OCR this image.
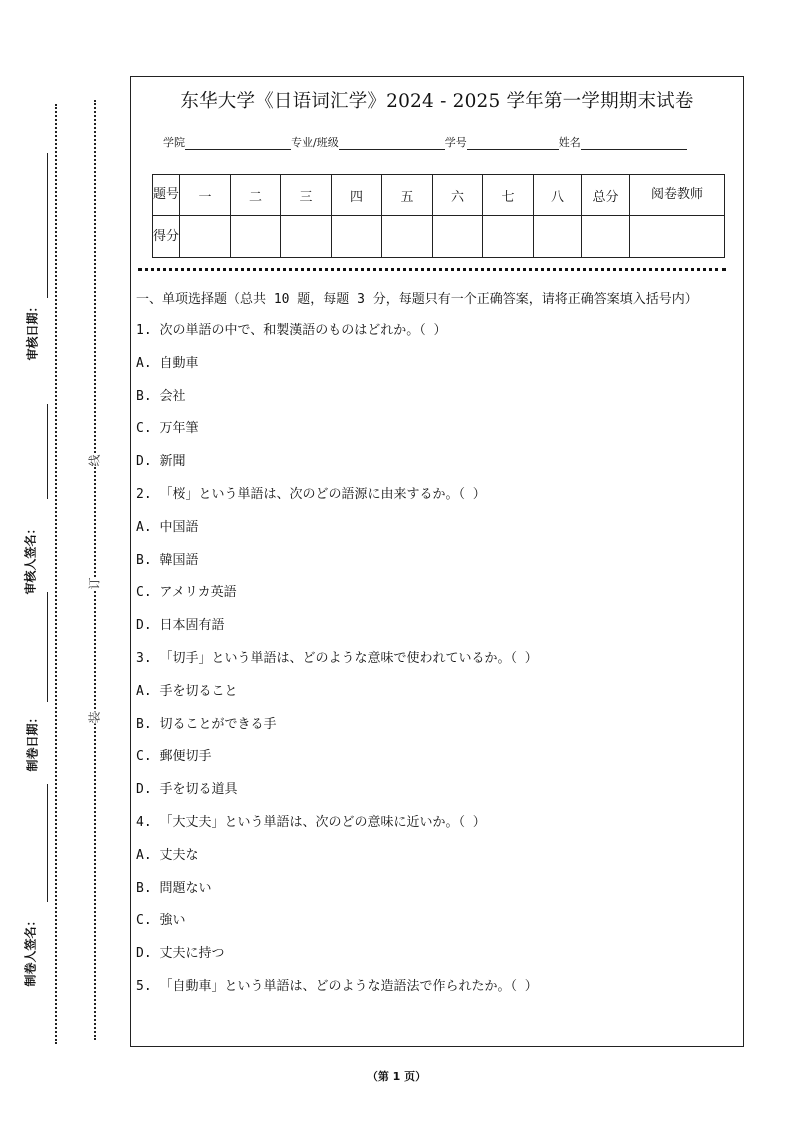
审核日期：
审核人签名：
制卷日期：
制卷人签名：
线
订
装
东华大学《日语词汇学》2024 - 2025 学年第一学期期末试卷
学院	专业/班级	学号	姓名
题号	一	二	三	四	五	六	七	八	总分	阅卷教师
得分										
一、单项选择题（总共 10 题，每题 3 分，每题只有一个正确答案，请将正确答案填入括号内）
1. 次の単語の中で、和製漢語のものはどれか。（ ）
A. 自動車
B. 会社
C. 万年筆
D. 新聞
2. 「桜」という単語は、次のどの語源に由来するか。（ ）
A. 中国語
B. 韓国語
C. アメリカ英語
D. 日本固有語
3. 「切手」という単語は、どのような意味で使われているか。（ ）
A. 手を切ること
B. 切ることができる手
C. 郵便切手
D. 手を切る道具
4. 「大丈夫」という単語は、次のどの意味に近いか。（ ）
A. 丈夫な
B. 問題ない
C. 強い
D. 丈夫に持つ
5. 「自動車」という単語は、どのような造語法で作られたか。（ ）
（第 1 页）
